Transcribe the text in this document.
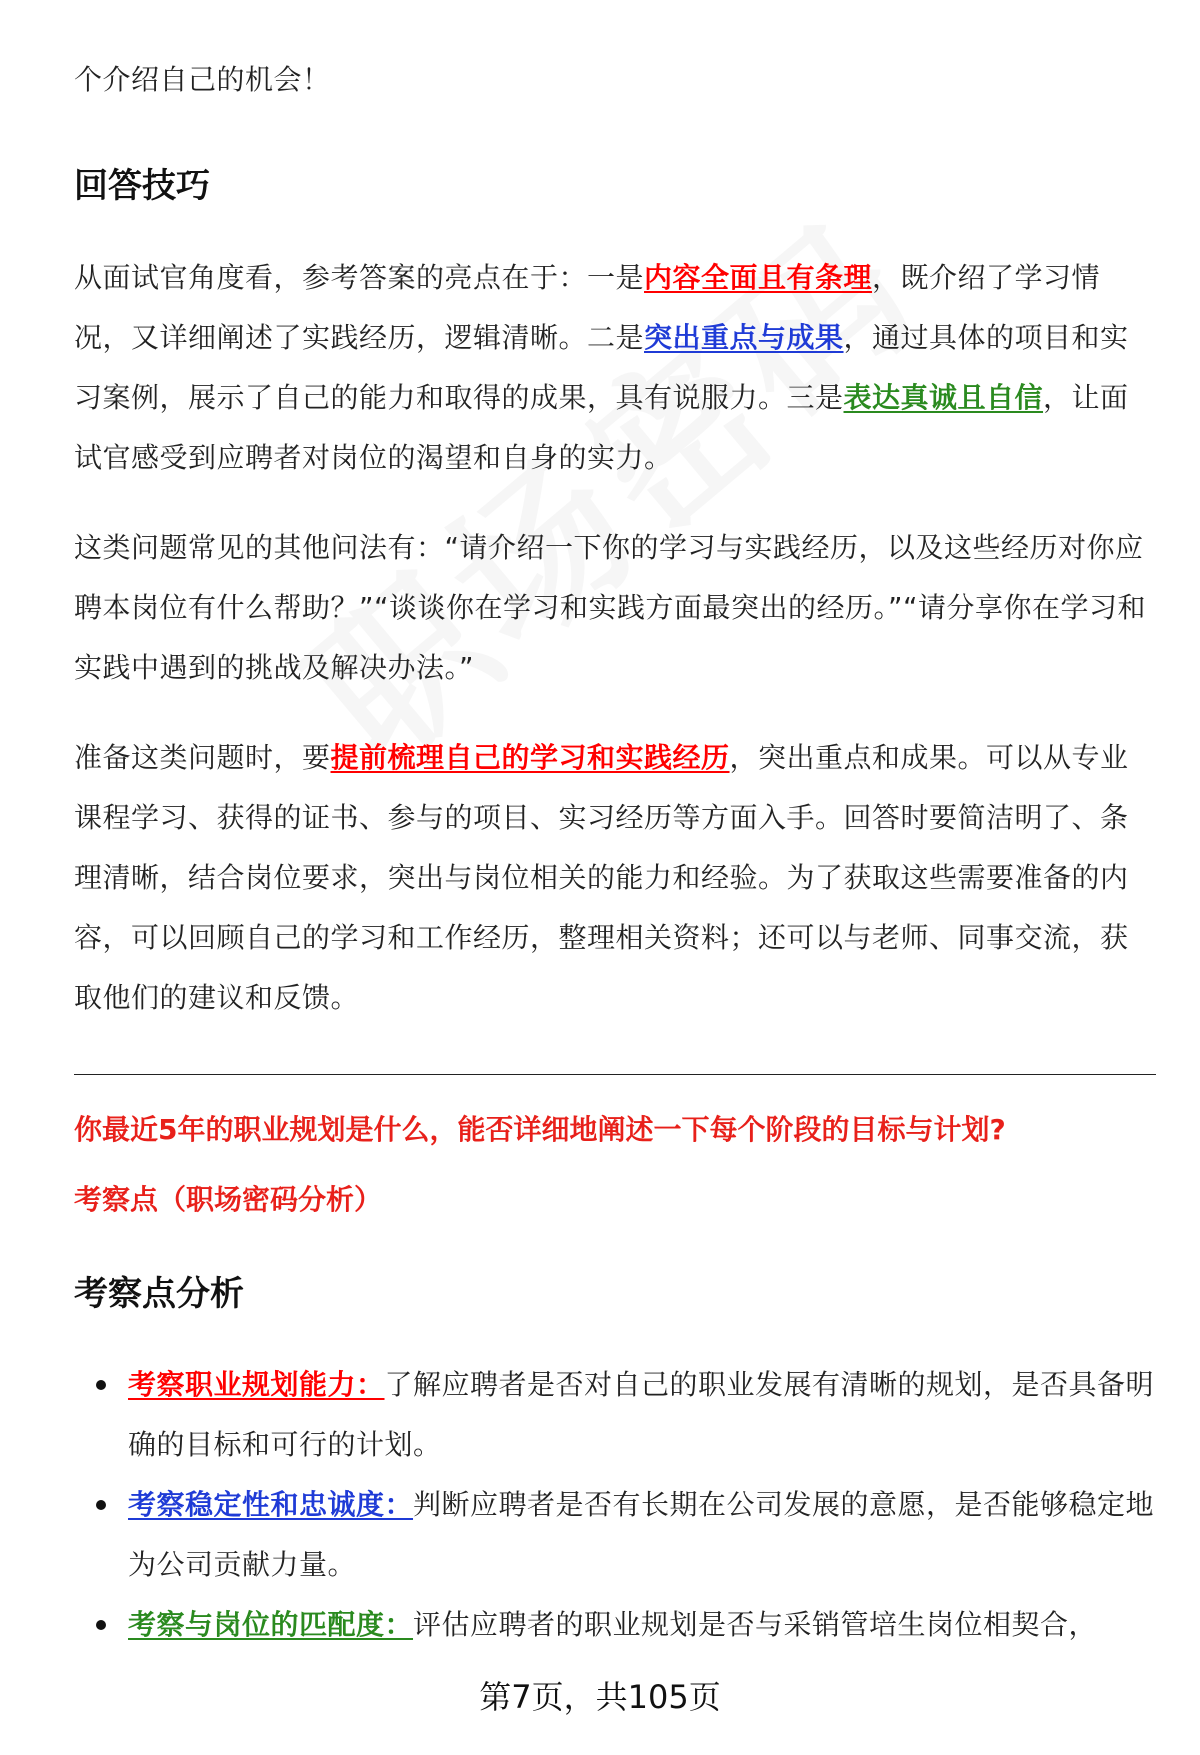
个介绍自己的机会！
回答技巧
从面试官角度看，参考答案的亮点在于：一是内容全面且有条理，既介绍了学习情况，又详细阐述了实践经历，逻辑清晰。二是突出重点与成果，通过具体的项目和实习案例，展示了自己的能力和取得的成果，具有说服力。三是表达真诚且自信，让面试官感受到应聘者对岗位的渴望和自身的实力。
这类问题常见的其他问法有：“请介绍一下你的学习与实践经历，以及这些经历对你应聘本岗位有什么帮助？”“谈谈你在学习和实践方面最突出的经历。”“请分享你在学习和实践中遇到的挑战及解决办法。”
准备这类问题时，要提前梳理自己的学习和实践经历，突出重点和成果。可以从专业课程学习、获得的证书、参与的项目、实习经历等方面入手。回答时要简洁明了、条理清晰，结合岗位要求，突出与岗位相关的能力和经验。为了获取这些需要准备的内容，可以回顾自己的学习和工作经历，整理相关资料；还可以与老师、同事交流，获取他们的建议和反馈。
你最近5年的职业规划是什么，能否详细地阐述一下每个阶段的目标与计划?
考察点（职场密码分析）
考察点分析
考察职业规划能力：了解应聘者是否对自己的职业发展有清晰的规划，是否具备明确的目标和可行的计划。
考察稳定性和忠诚度：判断应聘者是否有长期在公司发展的意愿，是否能够稳定地为公司贡献力量。
考察与岗位的匹配度：评估应聘者的职业规划是否与采销管培生岗位相契合，
第7页，共105页
